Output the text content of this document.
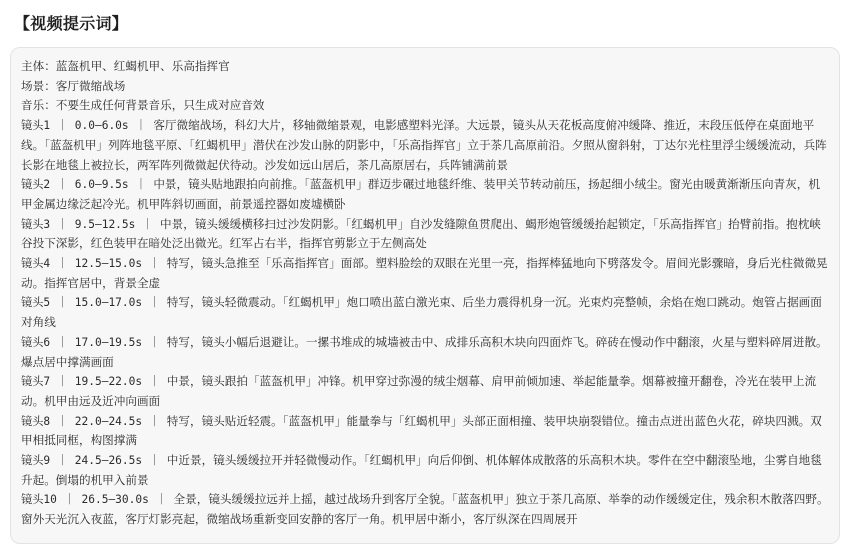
【视频提示词】

主体：蓝盔机甲、红蝎机甲、乐高指挥官

场景：客厅微缩战场

音乐：不要生成任何背景音乐，只生成对应音效

镜头1 ｜ 0.0–6.0s ｜ 客厅微缩战场，科幻大片，移轴微缩景观，电影感塑料光泽。大远景，镜头从天花板高度俯冲缓降、推近，末段压低停在桌面地平线。「蓝盔机甲」列阵地毯平原、「红蝎机甲」潜伏在沙发山脉的阴影中，「乐高指挥官」立于茶几高原前沿。夕照从窗斜射，丁达尔光柱里浮尘缓缓流动，兵阵长影在地毯上被拉长，两军阵列微微起伏待动。沙发如远山居后，茶几高原居右，兵阵铺满前景

镜头2 ｜ 6.0–9.5s ｜ 中景，镜头贴地跟拍向前推。「蓝盔机甲」群迈步碾过地毯纤维、装甲关节转动前压，扬起细小绒尘。窗光由暖黄渐渐压向青灰，机甲金属边缘泛起冷光。机甲阵斜切画面，前景遥控器如废墟横卧

镜头3 ｜ 9.5–12.5s ｜ 中景，镜头缓缓横移扫过沙发阴影。「红蝎机甲」自沙发缝隙鱼贯爬出、蝎形炮管缓缓抬起锁定，「乐高指挥官」抬臂前指。抱枕峡谷投下深影，红色装甲在暗处泛出微光。红军占右半，指挥官剪影立于左侧高处

镜头4 ｜ 12.5–15.0s ｜ 特写，镜头急推至「乐高指挥官」面部。塑料脸绘的双眼在光里一亮，指挥棒猛地向下劈落发令。眉间光影骤暗，身后光柱微微晃动。指挥官居中，背景全虚

镜头5 ｜ 15.0–17.0s ｜ 特写，镜头轻微震动。「红蝎机甲」炮口喷出蓝白激光束、后坐力震得机身一沉。光束灼亮整帧，余焰在炮口跳动。炮管占据画面对角线

镜头6 ｜ 17.0–19.5s ｜ 特写，镜头小幅后退避让。一摞书堆成的城墙被击中、成排乐高积木块向四面炸飞。碎砖在慢动作中翻滚，火星与塑料碎屑迸散。爆点居中撑满画面

镜头7 ｜ 19.5–22.0s ｜ 中景，镜头跟拍「蓝盔机甲」冲锋。机甲穿过弥漫的绒尘烟幕、肩甲前倾加速、举起能量拳。烟幕被撞开翻卷，冷光在装甲上流动。机甲由远及近冲向画面

镜头8 ｜ 22.0–24.5s ｜ 特写，镜头贴近轻震。「蓝盔机甲」能量拳与「红蝎机甲」头部正面相撞、装甲块崩裂错位。撞击点迸出蓝色火花，碎块四溅。双甲相抵同框，构图撑满

镜头9 ｜ 24.5–26.5s ｜ 中近景，镜头缓缓拉开并轻微慢动作。「红蝎机甲」向后仰倒、机体解体成散落的乐高积木块。零件在空中翻滚坠地，尘雾自地毯升起。倒塌的机甲入前景

镜头10 ｜ 26.5–30.0s ｜ 全景，镜头缓缓拉远并上摇，越过战场升到客厅全貌。「蓝盔机甲」独立于茶几高原、举拳的动作缓缓定住，残余积木散落四野。窗外天光沉入夜蓝，客厅灯影亮起，微缩战场重新变回安静的客厅一角。机甲居中渐小，客厅纵深在四周展开
